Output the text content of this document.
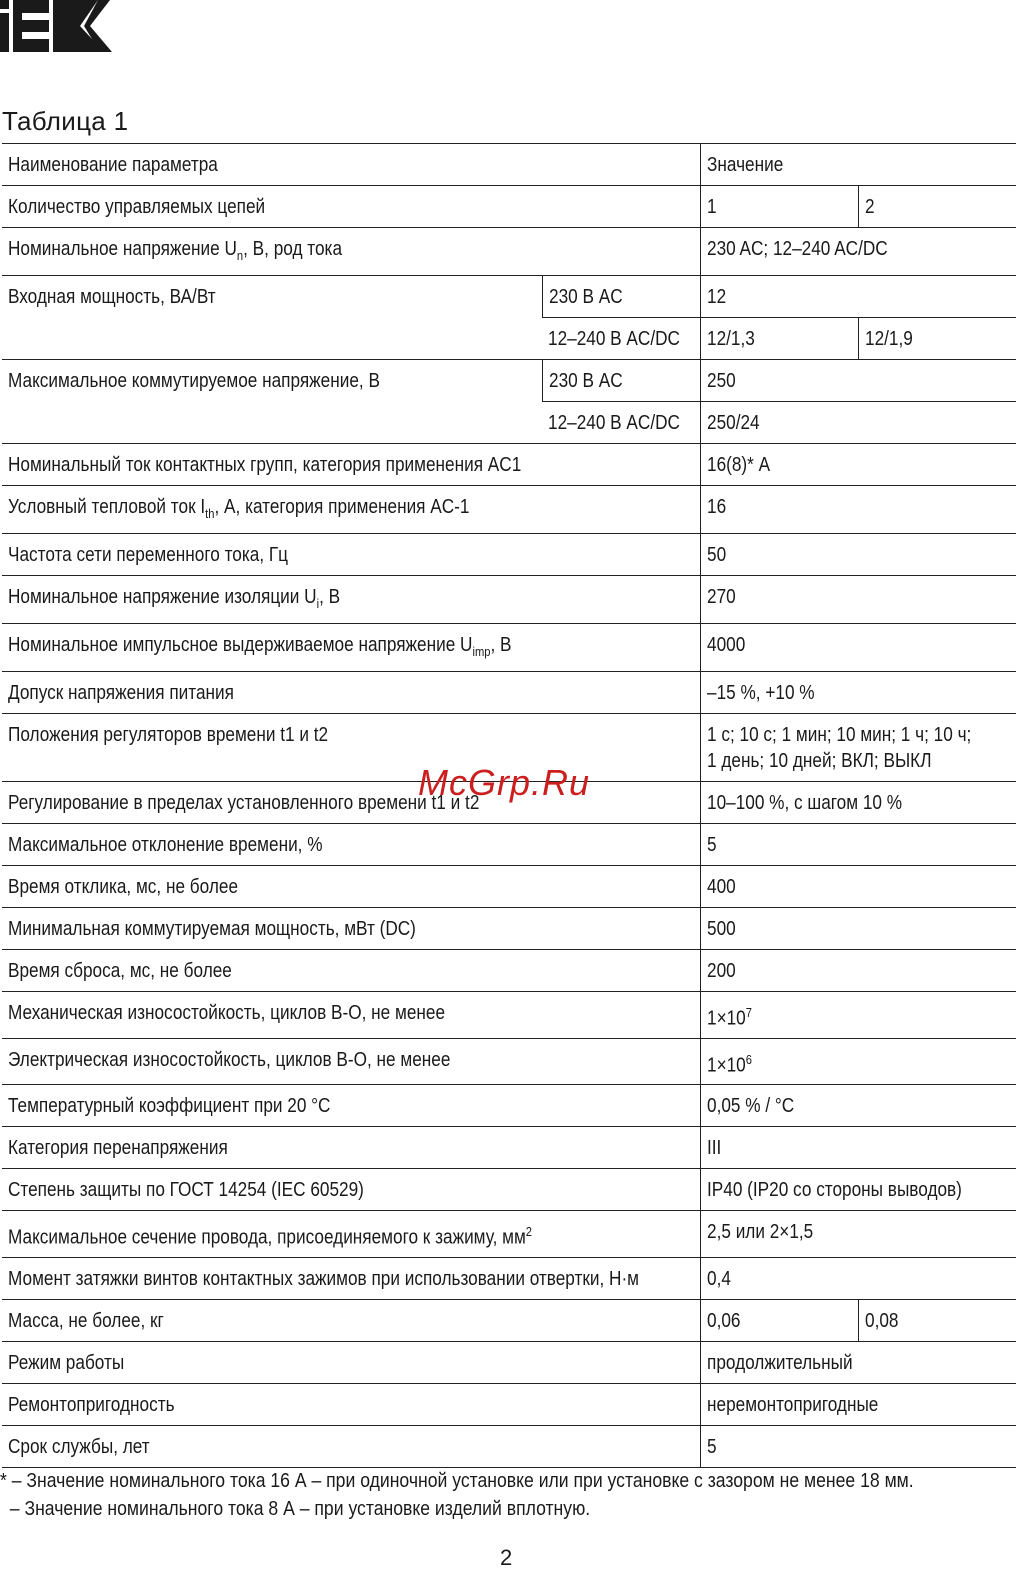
Таблица 1
Наименование параметра		Значение	
Количество управляемых цепей		1	2
Номинальное напряжение $U_n$, В, род тока		230 AC; 12–240 AC/DC	
Входная мощность, ВА/Вт	230 В AC	12	
	12–240 В AC/DC	12/1,3	12/1,9
Максимальное коммутируемое напряжение, В	230 В AC	250	
	12–240 В AC/DC	250/24	
Номинальный ток контактных групп, категория применения AC1		16(8)* А	
Условный тепловой ток $I_{th}$, А, категория применения AC-1		16	
Частота сети переменного тока, Гц		50	
Номинальное напряжение изоляции $U_i$, В		270	
Номинальное импульсное выдерживаемое напряжение $U_{imp}$, В		4000	
Допуск напряжения питания		–15 %, +10 %	
Положения регуляторов времени t1 и t2		1 с; 10 с; 1 мин; 10 мин; 1 ч; 10 ч;
1 день; 10 дней; ВКЛ; ВЫКЛ	
Регулирование в пределах установленного времени t1 и t2		10–100 %, с шагом 10 %	
Максимальное отклонение времени, %		5	
Время отклика, мс, не более		400	
Минимальная коммутируемая мощность, мВт (DC)		500	
Время сброса, мс, не более		200	
Механическая износостойкость, циклов В-О, не менее		$1\times 10^7$
Электрическая износостойкость, циклов В-О, не менее		$1\times 10^6$
Температурный коэффициент при 20 °С		0,05 % / °С	
Категория перенапряжения		III	
Степень защиты по ГОСТ 14254 (IEC 60529)		IP40 (IP20 со стороны выводов)	
Максимальное сечение провода, присоединяемого к зажиму, $мм^2$		2,5 или 2×1,5	
Момент затяжки винтов контактных зажимов при использовании отвертки, Н·м		0,4	
Масса, не более, кг		0,06	0,08
Режим работы		продолжительный	
Ремонтопригодность		неремонтопригодные	
Срок службы, лет		5	
McGrp.Ru
* – Значение номинального тока 16 А – при одиночной установке или при установке с зазором не менее 18 мм.
– Значение номинального тока 8 А – при установке изделий вплотную.
2
